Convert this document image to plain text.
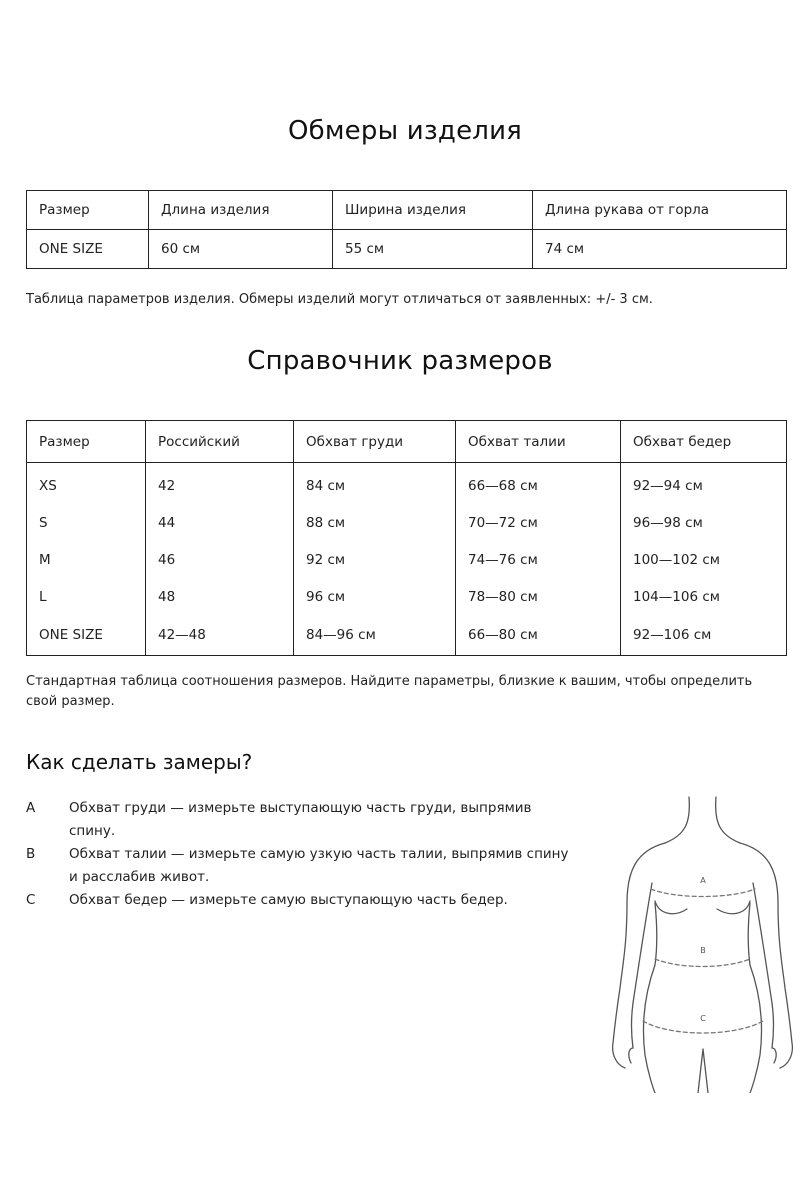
Обмеры изделия
Размер	Длина изделия	Ширина изделия	Длина рукава от горла
ONE SIZE	60 см	55 см	74 см

Таблица параметров изделия. Обмеры изделий могут отличаться от заявленных: +/- 3 см.

Справочник размеров
Размер	Российский	Обхват груди	Обхват талии	Обхват бедер
XS	42	84 см	66—68 см	92—94 см
S	44	88 см	70—72 см	96—98 см
M	46	92 см	74—76 см	100—102 см
L	48	96 см	78—80 см	104—106 см
ONE SIZE	42—48	84—96 см	66—80 см	92—106 см

Стандартная таблица соотношения размеров. Найдите параметры, близкие к вашим, чтобы определить свой размер.

Как сделать замеры?
A	Обхват груди — измерьте выступающую часть груди, выпрямив спину.
B	Обхват талии — измерьте самую узкую часть талии, выпрямив спину и расслабив живот.
C	Обхват бедер — измерьте самую выступающую часть бедер.
A
B
C
